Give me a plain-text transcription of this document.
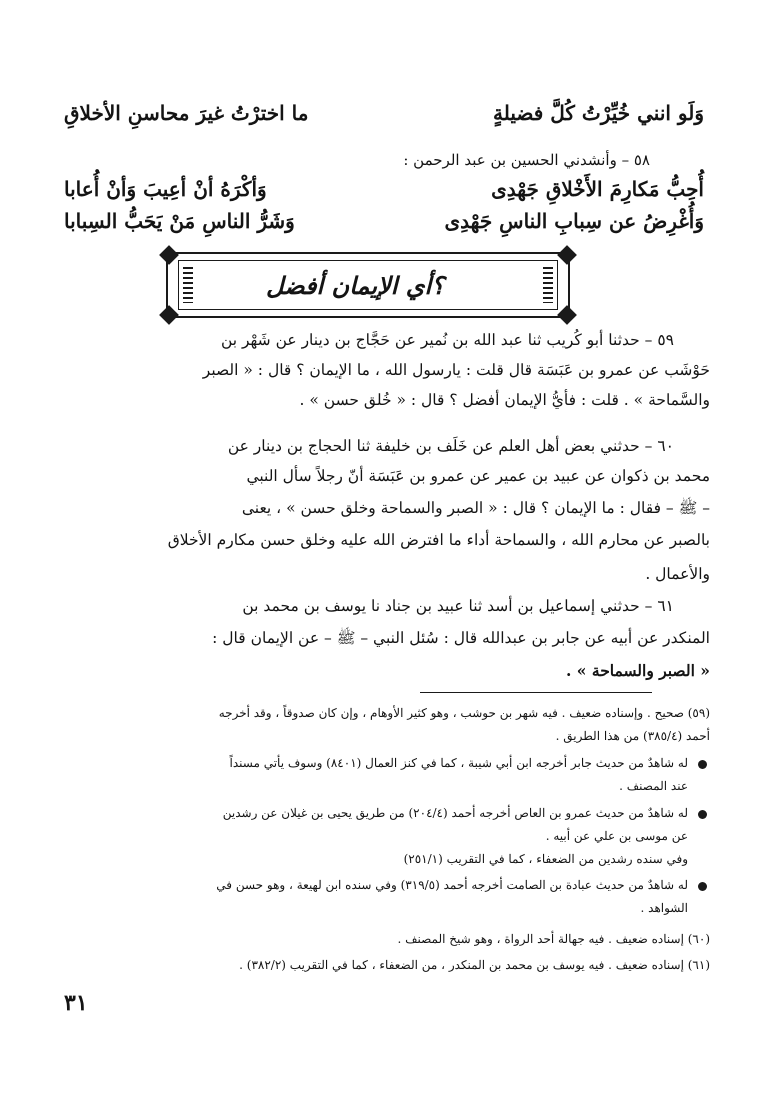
وَلَو انني خُيِّرْتُ كُلَّ فضيلةٍ
ما اخترْتُ غيرَ محاسنِ الأخلاقِ
٥٨ – وأنشدني الحسين بن عبد الرحمن :
أُحِبُّ مَكارِمَ الأَخْلاقِ جَهْدِى
وَأكْرَهُ أنْ أعِيبَ وَأنْ أُعابا
وَأُغْرِضُ عن سِبابِ الناسِ جَهْدِى
وَشَرُّ الناسِ مَنْ يَحَبُّ السِبابا
أي الإيمان أفضل ؟
٥٩ – حدثنا أبو كُريب ثنا عبد الله بن نُمير عن حَجَّاج بن دينار عن شَهْر بن
حَوْشَب عن عمرو بن عَبَسَة قال قلت : يارسول الله ، ما الإيمان ؟ قال : « الصبر
والسَّماحة » . قلت : فأيُّ الإيمان أفضل ؟ قال : « خُلق حسن » .
٦٠ – حدثني بعض أهل العلم عن خَلَف بن خليفة ثنا الحجاج بن دينار عن
محمد بن ذكوان عن عبيد بن عمير عن عمرو بن عَبَسَة أنّ رجلاً سأل النبي
– ﷺ – فقال : ما الإيمان ؟ قال : « الصبر والسماحة وخلق حسن » ، يعنى
بالصبر عن محارم الله ، والسماحة أداء ما افترض الله عليه وخلق حسن مكارم الأخلاق
والأعمال .
٦١ – حدثني إسماعيل بن أسد ثنا عبيد بن جناد نا يوسف بن محمد بن
المنكدر عن أبيه عن جابر بن عبدالله قال : سُئل النبي – ﷺ – عن الإيمان قال :
« الصبر والسماحة » .
(٥٩) صحيح . وإسناده ضعيف . فيه شهر بن حوشب ، وهو كثير الأوهام ، وإن كان صدوقاً ، وقد أخرجه
أحمد (٣٨٥/٤) من هذا الطريق .
له شاهدٌ من حديث جابر أخرجه ابن أبي شيبة ، كما في كنز العمال (٨٤٠١) وسوف يأتي مسنداً
عند المصنف .
له شاهدٌ من حديث عمرو بن العاص أخرجه أحمد (٢٠٤/٤) من طريق يحيى بن غيلان عن رشدين
عن موسى بن علي عن أبيه .
وفي سنده رشدين من الضعفاء ، كما في التقريب (٢٥١/١)
له شاهدٌ من حديث عبادة بن الصامت أخرجه أحمد (٣١٩/٥) وفي سنده ابن لهيعة ، وهو حسن في
الشواهد .
(٦٠) إسناده ضعيف . فيه جهالة أحد الرواة ، وهو شيخ المصنف .
(٦١) إسناده ضعيف . فيه يوسف بن محمد بن المنكدر ، من الضعفاء ، كما في التقريب (٣٨٢/٢) .
٣١
